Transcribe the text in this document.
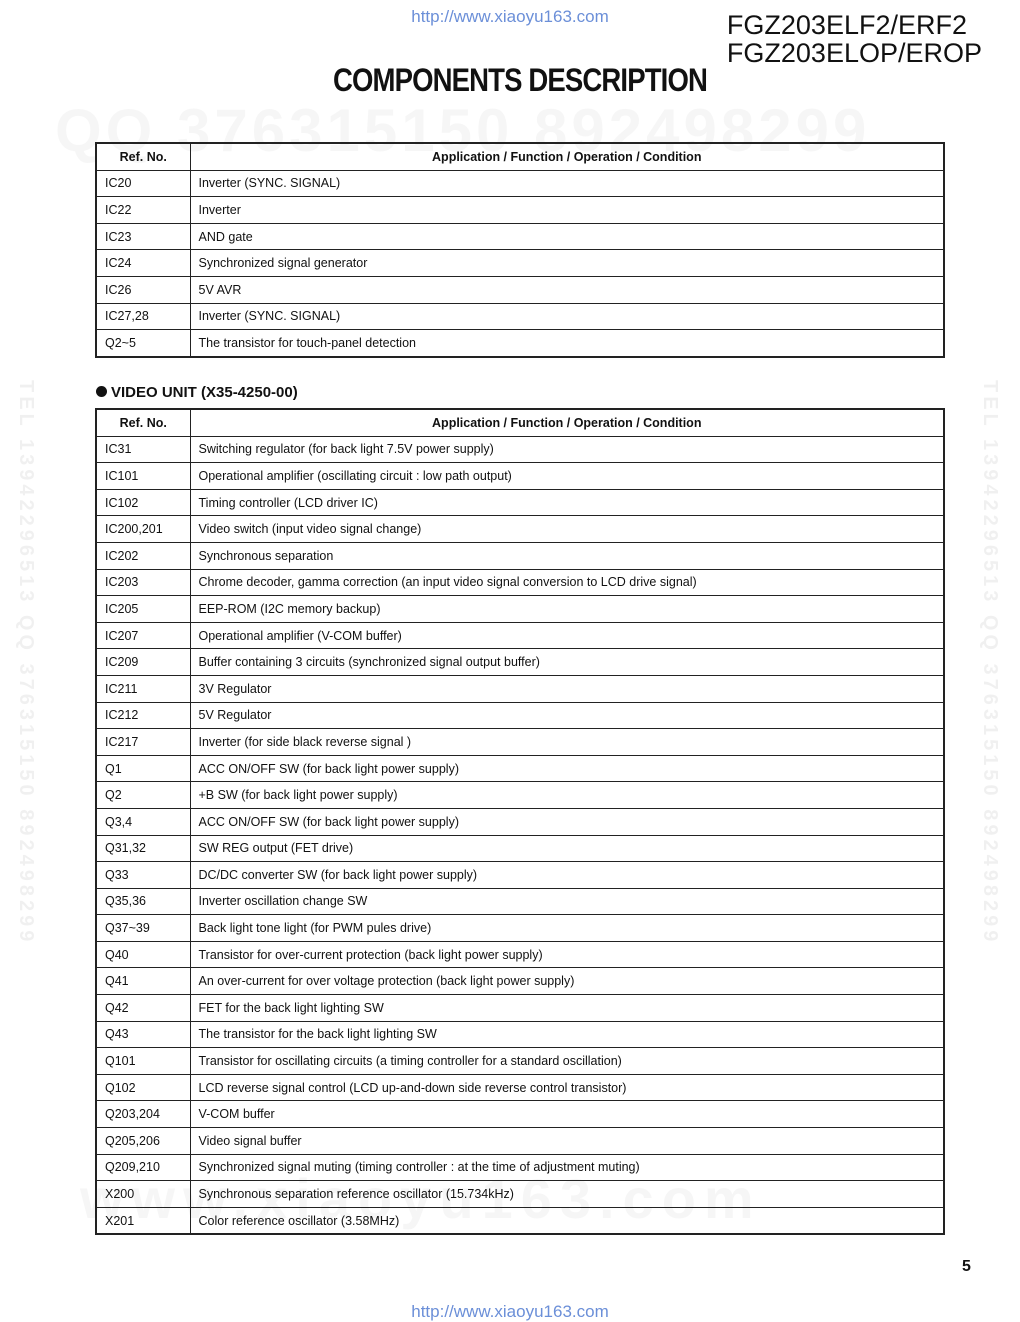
TEL 13942296513 QQ 376315150 892498299	TEL 13942296513 QQ 376315150 892498299
http://www.xiaoyu163.com	FGZ203ELF2/ERF2
FGZ203ELOP/EROP
COMPONENTS DESCRIPTION
Ref. No.	Application / Function / Operation / Condition
IC20	Inverter (SYNC. SIGNAL)
IC22	Inverter
IC23	AND gate
IC24	Synchronized signal generator
IC26	5V AVR
IC27,28	Inverter (SYNC. SIGNAL)
Q2~5	The transistor for touch-panel detection
VIDEO UNIT (X35-4250-00)
Ref. No.	Application / Function / Operation / Condition
IC31	Switching regulator (for back light 7.5V power supply)
IC101	Operational amplifier (oscillating circuit : low path output)
IC102	Timing controller (LCD driver IC)
IC200,201	Video switch (input video signal change)
IC202	Synchronous separation
IC203	Chrome decoder, gamma correction (an input video signal conversion to LCD drive signal)
IC205	EEP-ROM (I2C memory backup)
IC207	Operational amplifier (V-COM buffer)
IC209	Buffer containing 3 circuits (synchronized signal output buffer)
IC211	3V Regulator
IC212	5V Regulator
IC217	Inverter (for side black reverse signal )
Q1	ACC ON/OFF SW (for back light power supply)
Q2	+B SW (for back light power supply)
Q3,4	ACC ON/OFF SW (for back light power supply)
Q31,32	SW REG output (FET drive)
Q33	DC/DC converter SW (for back light power supply)
Q35,36	Inverter oscillation change SW
Q37~39	Back light tone light (for PWM pules drive)
Q40	Transistor for over-current protection (back light power supply)
Q41	An over-current for over voltage protection (back light power supply)
Q42	FET for the back light lighting SW
Q43	The transistor for the back light lighting SW
Q101	Transistor for oscillating circuits (a timing controller for a standard oscillation)
Q102	LCD reverse signal control (LCD up-and-down side reverse control transistor)
Q203,204	V-COM buffer
Q205,206	Video signal buffer
Q209,210	Synchronized signal muting (timing controller : at the time of adjustment muting)
X200	Synchronous separation reference oscillator (15.734kHz)
X201	Color reference oscillator (3.58MHz)
5
http://www.xiaoyu163.com
